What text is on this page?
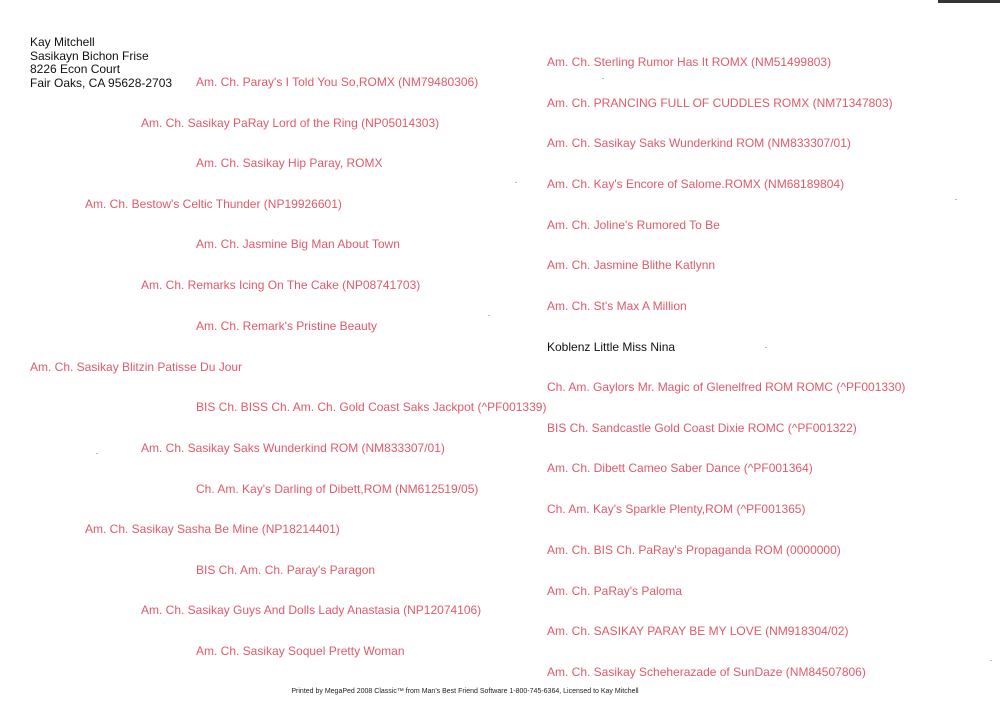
Kay Mitchell
Sasikayn Bichon Frise
8226 Econ Court
Fair Oaks, CA 95628-2703
Am. Ch. Sasikay Blitzin Patisse Du Jour
Am. Ch. Bestow's Celtic Thunder (NP19926601)
Am. Ch. Sasikay Sasha Be Mine (NP18214401)
Am. Ch. Sasikay PaRay Lord of the Ring (NP05014303)
Am. Ch. Remarks Icing On The Cake (NP08741703)
Am. Ch. Sasikay Saks Wunderkind ROM (NM833307/01)
Am. Ch. Sasikay Guys And Dolls Lady Anastasia (NP12074106)
Am. Ch. Paray's I Told You So,ROMX (NM79480306)
Am. Ch. Sasikay Hip Paray, ROMX
Am. Ch. Jasmine Big Man About Town
Am. Ch. Remark's Pristine Beauty
BIS Ch. BISS Ch. Am. Ch. Gold Coast Saks Jackpot (^PF001339)
Ch. Am. Kay's Darling of Dibett,ROM (NM612519/05)
BIS Ch. Am. Ch. Paray's Paragon
Am. Ch. Sasikay Soquel Pretty Woman
Am. Ch. Sterling Rumor Has It ROMX (NM51499803)
Am. Ch. PRANCING FULL OF CUDDLES ROMX (NM71347803)
Am. Ch. Sasikay Saks Wunderkind ROM (NM833307/01)
Am. Ch. Kay's Encore of Salome.ROMX (NM68189804)
Am. Ch. Joline's Rumored To Be
Am. Ch. Jasmine Blithe Katlynn
Am. Ch. St's Max A Million
Koblenz Little Miss Nina
Ch. Am. Gaylors Mr. Magic of Glenelfred ROM ROMC (^PF001330)
BIS Ch. Sandcastle Gold Coast Dixie ROMC (^PF001322)
Am. Ch. Dibett Cameo Saber Dance (^PF001364)
Ch. Am. Kay's Sparkle Plenty,ROM (^PF001365)
Am. Ch. BIS Ch. PaRay's Propaganda ROM (0000000)
Am. Ch. PaRay's Paloma
Am. Ch. SASIKAY PARAY BE MY LOVE (NM918304/02)
Am. Ch. Sasikay Scheherazade of SunDaze (NM84507806)
Printed by MegaPed 2008 Classic™ from Man's Best Friend Software 1-800-745-6364, Licensed to Kay Mitchell
